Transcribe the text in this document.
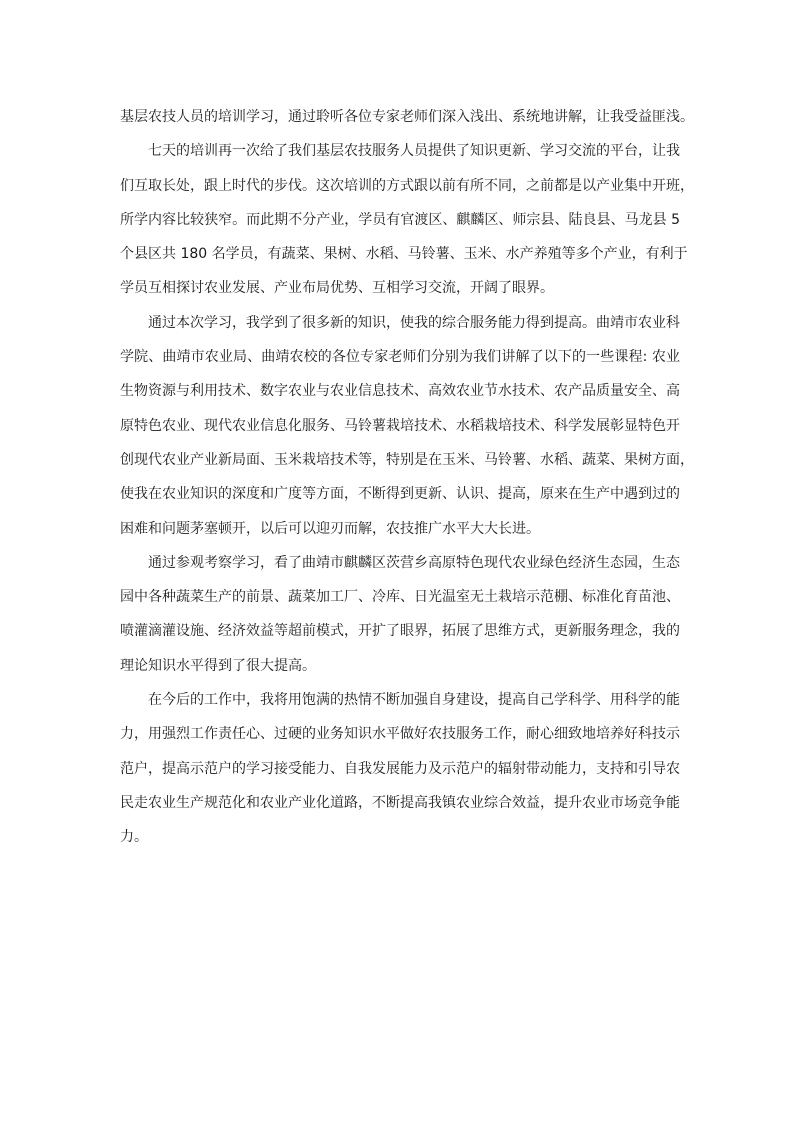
基层农技人员的培训学习，通过聆听各位专家老师们深入浅出、系统地讲解，让我受益匪浅。
七天的培训再一次给了我们基层农技服务人员提供了知识更新、学习交流的平台，让我
们互取长处，跟上时代的步伐。这次培训的方式跟以前有所不同，之前都是以产业集中开班，
所学内容比较狭窄。而此期不分产业，学员有官渡区、麒麟区、师宗县、陆良县、马龙县 5
个县区共 180 名学员，有蔬菜、果树、水稻、马铃薯、玉米、水产养殖等多个产业，有利于
学员互相探讨农业发展、产业布局优势、互相学习交流，开阔了眼界。
通过本次学习，我学到了很多新的知识，使我的综合服务能力得到提高。曲靖市农业科
学院、曲靖市农业局、曲靖农校的各位专家老师们分别为我们讲解了以下的一些课程: 农业
生物资源与利用技术、数字农业与农业信息技术、高效农业节水技术、农产品质量安全、高
原特色农业、现代农业信息化服务、马铃薯栽培技术、水稻栽培技术、科学发展彰显特色开
创现代农业产业新局面、玉米栽培技术等，特别是在玉米、马铃薯、水稻、蔬菜、果树方面，
使我在农业知识的深度和广度等方面，不断得到更新、认识、提高，原来在生产中遇到过的
困难和问题茅塞顿开，以后可以迎刃而解，农技推广水平大大长进。
通过参观考察学习，看了曲靖市麒麟区茨营乡高原特色现代农业绿色经济生态园，生态
园中各种蔬菜生产的前景、蔬菜加工厂、冷库、日光温室无土栽培示范棚、标准化育苗池、
喷灌滴灌设施、经济效益等超前模式，开扩了眼界，拓展了思维方式，更新服务理念，我的
理论知识水平得到了很大提高。
在今后的工作中，我将用饱满的热情不断加强自身建设，提高自己学科学、用科学的能
力，用强烈工作责任心、过硬的业务知识水平做好农技服务工作，耐心细致地培养好科技示
范户，提高示范户的学习接受能力、自我发展能力及示范户的辐射带动能力，支持和引导农
民走农业生产规范化和农业产业化道路，不断提高我镇农业综合效益，提升农业市场竞争能
力。
